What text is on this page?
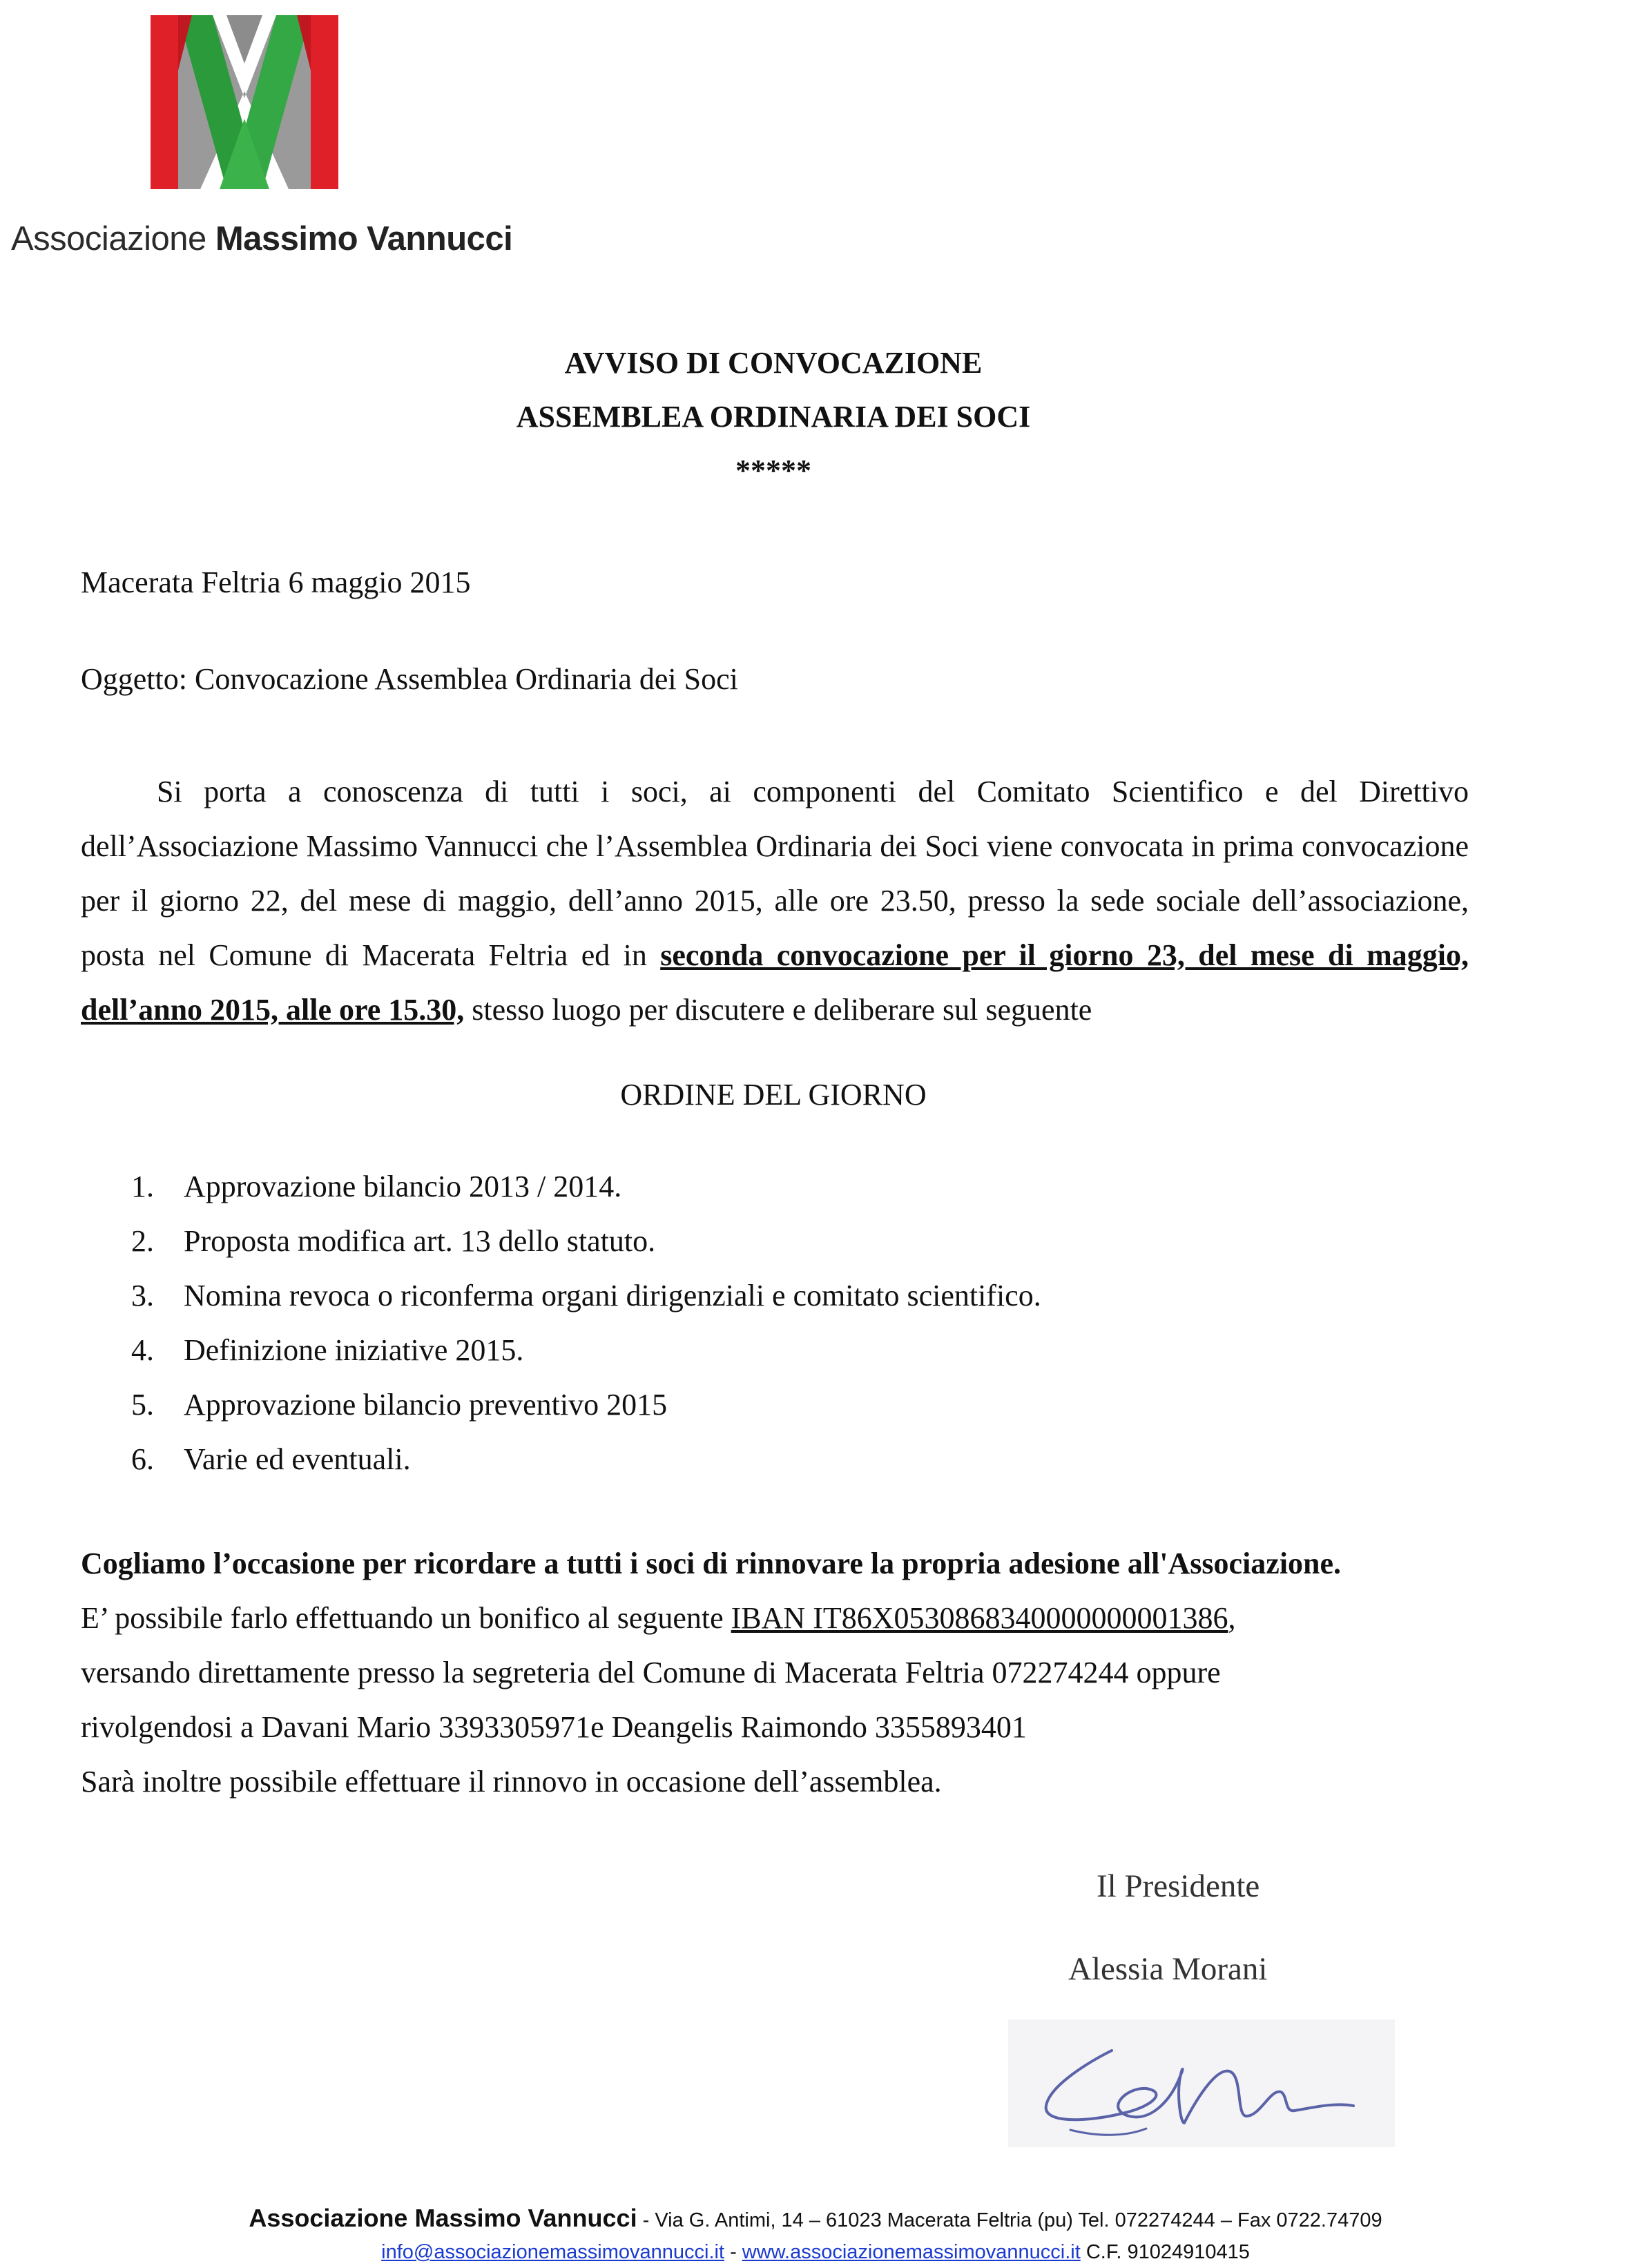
Associazione Massimo Vannucci
AVVISO DI CONVOCAZIONE
ASSEMBLEA ORDINARIA DEI SOCI
*****
Macerata Feltria 6 maggio 2015
Oggetto: Convocazione Assemblea Ordinaria dei Soci
Si porta a conoscenza di tutti i soci, ai componenti del Comitato Scientifico e del Direttivo dell’Associazione Massimo Vannucci che l’Assemblea Ordinaria dei Soci viene convocata in prima convocazione per il giorno 22, del mese di maggio, dell’anno 2015, alle ore 23.50, presso la sede sociale dell’associazione, posta nel Comune di Macerata Feltria ed in seconda convocazione per il giorno 23, del mese di maggio, dell’anno 2015, alle ore 15.30, stesso luogo per discutere e deliberare sul seguente
ORDINE DEL GIORNO
1. Approvazione bilancio 2013 / 2014.
2. Proposta modifica art. 13 dello statuto.
3. Nomina revoca o riconferma organi dirigenziali e comitato scientifico.
4. Definizione iniziative 2015.
5. Approvazione bilancio preventivo 2015
6. Varie ed eventuali.
Cogliamo l’occasione per ricordare a tutti i soci di rinnovare la propria adesione all'Associazione.
E’ possibile farlo effettuando un bonifico al seguente IBAN IT86X0530868340000000001386,
versando direttamente presso la segreteria del Comune di Macerata Feltria 072274244 oppure
rivolgendosi a Davani Mario 3393305971e Deangelis Raimondo 3355893401
Sarà inoltre possibile effettuare il rinnovo in occasione dell’assemblea.
Il Presidente
Alessia Morani
Associazione Massimo Vannucci - Via G. Antimi, 14 – 61023 Macerata Feltria (pu) Tel. 072274244 – Fax 0722.74709
info@associazionemassimovannucci.it - www.associazionemassimovannucci.it C.F. 91024910415
